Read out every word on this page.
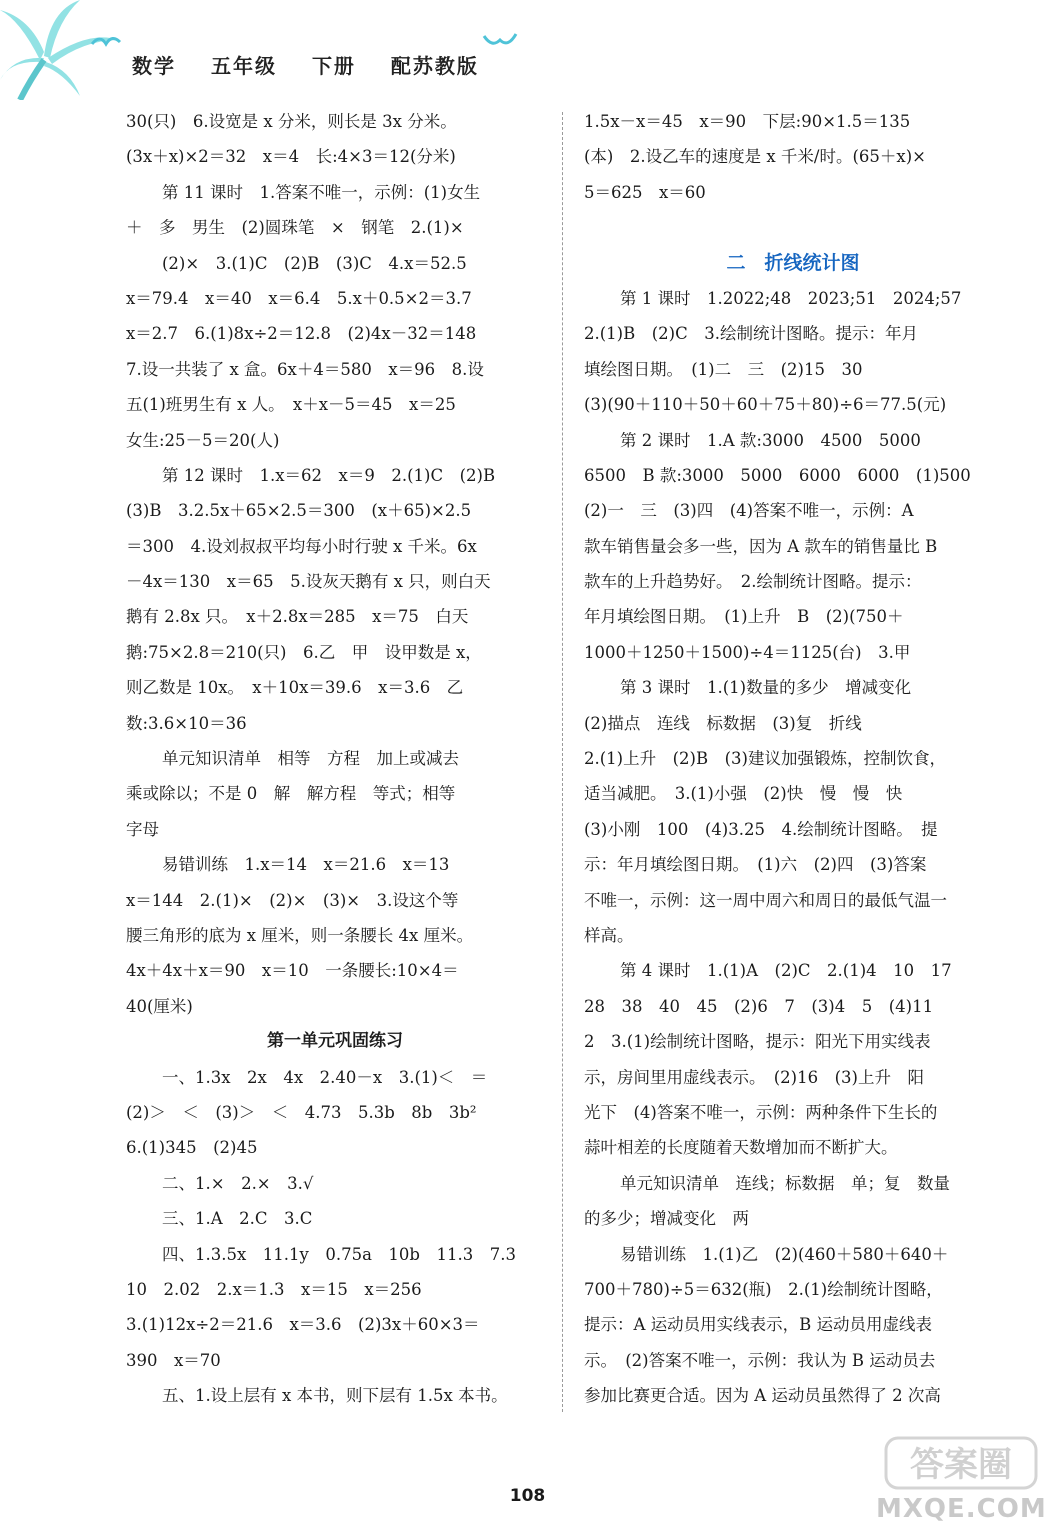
数学 五年级 下册 配苏教版
30(只)　6.设宽是 x 分米，则长是 3x 分米。
(3x＋x)×2＝32　x＝4　长:4×3＝12(分米)
第 11 课时　1.答案不唯一，示例：(1)女生
＋　多　男生　(2)圆珠笔　×　钢笔　2.(1)×
(2)×　3.(1)C　(2)B　(3)C　4.x＝52.5
x＝79.4　x＝40　x＝6.4　5.x＋0.5×2＝3.7
x＝2.7　6.(1)8x÷2＝12.8　(2)4x－32＝148
7.设一共装了 x 盒。6x＋4＝580　x＝96　8.设
五(1)班男生有 x 人。　x＋x－5＝45　x＝25
女生:25－5＝20(人)
第 12 课时　1.x＝62　x＝9　2.(1)C　(2)B
(3)B　3.2.5x＋65×2.5＝300　(x＋65)×2.5
＝300　4.设刘叔叔平均每小时行驶 x 千米。6x
－4x＝130　x＝65　5.设灰天鹅有 x 只，则白天
鹅有 2.8x 只。　x＋2.8x＝285　x＝75　白天
鹅:75×2.8＝210(只)　6.乙　甲　设甲数是 x，
则乙数是 10x。　x＋10x＝39.6　x＝3.6　乙
数:3.6×10＝36
单元知识清单　相等　方程　加上或减去
乘或除以；不是 0　解　解方程　等式；相等
字母
易错训练　1.x＝14　x＝21.6　x＝13
x＝144　2.(1)×　(2)×　(3)×　3.设这个等
腰三角形的底为 x 厘米，则一条腰长 4x 厘米。
4x＋4x＋x＝90　x＝10　一条腰长:10×4＝
40(厘米)
第一单元巩固练习
一、1.3x　2x　4x　2.40－x　3.(1)＜　＝
(2)＞　＜　(3)＞　＜　4.73　5.3b　8b　3b²
6.(1)345　(2)45
二、1.×　2.×　3.√
三、1.A　2.C　3.C
四、1.3.5x　11.1y　0.75a　10b　11.3　7.3
10　2.02　2.x＝1.3　x＝15　x＝256
3.(1)12x÷2＝21.6　x＝3.6　(2)3x＋60×3＝
390　x＝70
五、1.设上层有 x 本书，则下层有 1.5x 本书。
1.5x－x＝45　x＝90　下层:90×1.5＝135
(本)　2.设乙车的速度是 x 千米/时。(65＋x)×
5＝625　x＝60
二　折线统计图
第 1 课时　1.2022;48　2023;51　2024;57
2.(1)B　(2)C　3.绘制统计图略。提示：年月
填绘图日期。　(1)二　三　(2)15　30
(3)(90＋110＋50＋60＋75＋80)÷6＝77.5(元)
第 2 课时　1.A 款:3000　4500　5000
6500　B 款:3000　5000　6000　6000　(1)500
(2)一　三　(3)四　(4)答案不唯一，示例：A
款车销售量会多一些，因为 A 款车的销售量比 B
款车的上升趋势好。　2.绘制统计图略。提示：
年月填绘图日期。　(1)上升　B　(2)(750＋
1000＋1250＋1500)÷4＝1125(台)　3.甲
第 3 课时　1.(1)数量的多少　增减变化
(2)描点　连线　标数据　(3)复　折线
2.(1)上升　(2)B　(3)建议加强锻炼，控制饮食，
适当减肥。　3.(1)小强　(2)快　慢　慢　快
(3)小刚　100　(4)3.25　4.绘制统计图略。　提
示：年月填绘图日期。　(1)六　(2)四　(3)答案
不唯一，示例：这一周中周六和周日的最低气温一
样高。
第 4 课时　1.(1)A　(2)C　2.(1)4　10　17
28　38　40　45　(2)6　7　(3)4　5　(4)11
2　3.(1)绘制统计图略，提示：阳光下用实线表
示，房间里用虚线表示。　(2)16　(3)上升　阳
光下　(4)答案不唯一，示例：两种条件下生长的
蒜叶相差的长度随着天数增加而不断扩大。
单元知识清单　连线；标数据　单；复　数量
的多少；增减变化　两
易错训练　1.(1)乙　(2)(460＋580＋640＋
700＋780)÷5＝632(瓶)　2.(1)绘制统计图略，
提示：A 运动员用实线表示，B 运动员用虚线表
示。　(2)答案不唯一，示例：我认为 B 运动员去
参加比赛更合适。因为 A 运动员虽然得了 2 次高
108
答案圈
MXQE.COM
